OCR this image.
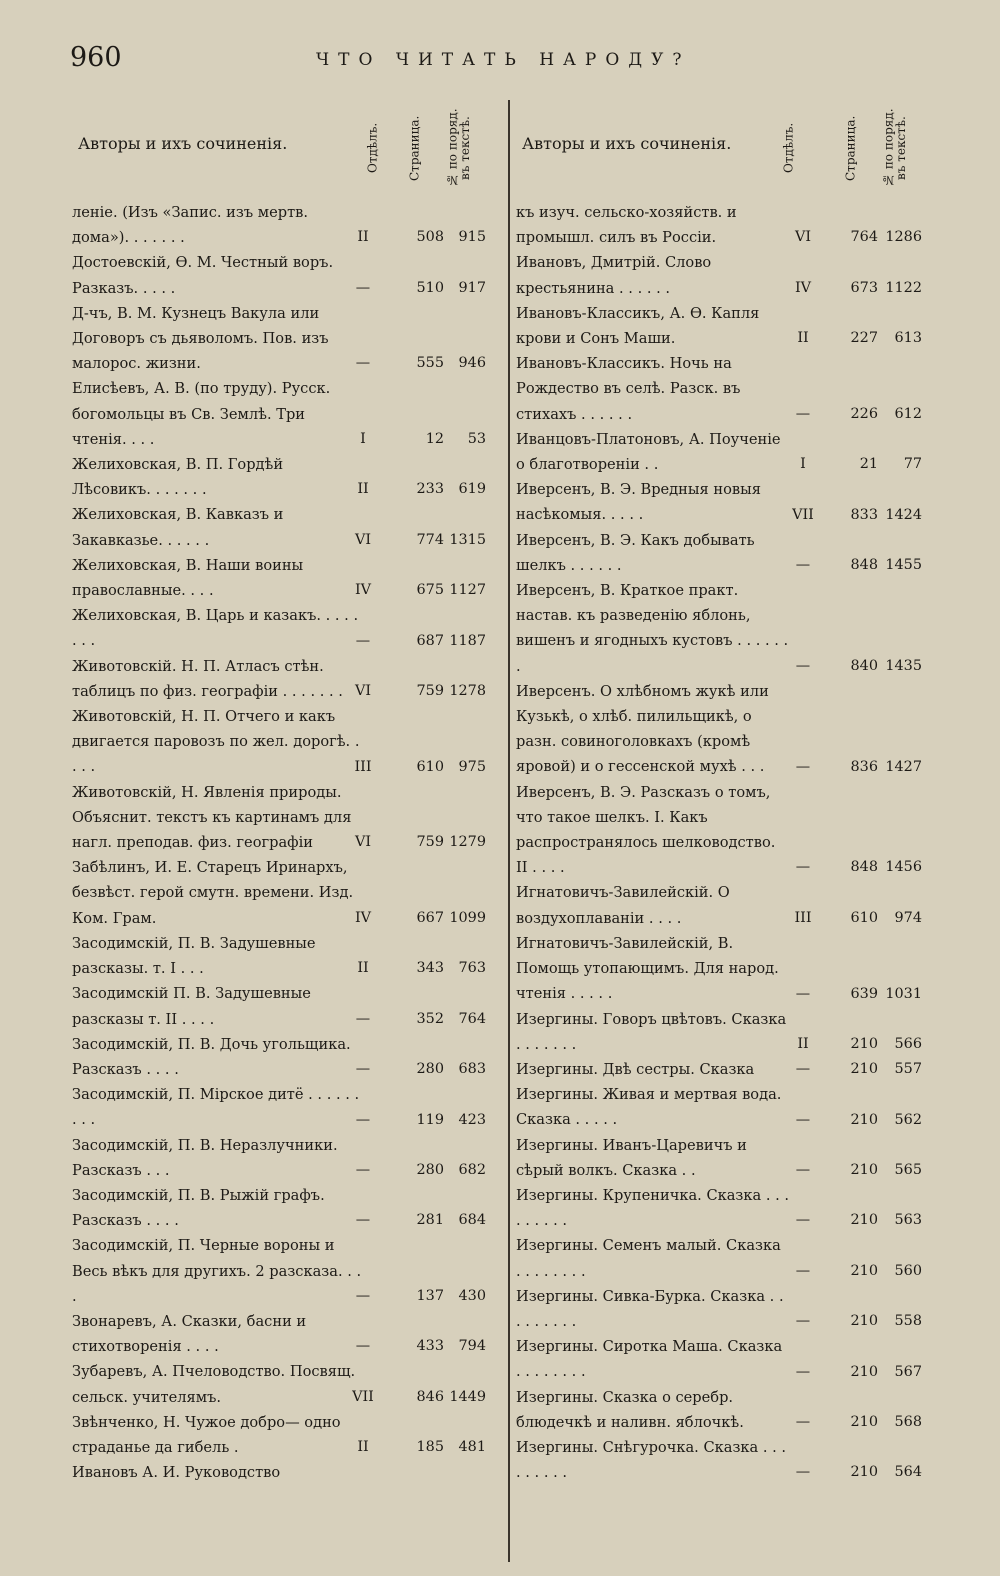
960	ЧТО ЧИТАТЬ НАРОДУ?
Авторы и ихъ сочиненія.	Отдѣлъ.	Страница.	№ по поряд. въ текстѣ.
леніе. (Изъ «Запис. изъ мертв. дома»). . . . . . .	II	508	915
Достоевскій, Ѳ. М. Честный воръ. Разказъ. . . . .	—	510	917
Д-чъ, В. М. Кузнецъ Вакула или Договоръ съ дьяволомъ. Пов. изъ малорос. жизни.	—	555	946
Елисѣевъ, А. В. (по труду). Русск. богомольцы въ Св. Землѣ. Три чтенія. . . .	I	12	53
Желиховская, В. П. Гордѣй Лѣсовикъ. . . . . . .	II	233	619
Желиховская, В. Кавказъ и Закавказье. . . . . .	VI	774 1315
Желиховская, В. Наши воины православные. . . .	IV	675 1127
Желиховская, В. Царь и казакъ. . . . . . . .	—	687 1187
Животовскій. Н. П. Атласъ стѣн. таблицъ по физ. географіи . . . . . . . VI	759 1278
Животовскій, Н. П. Отчего и какъ двигается паровозъ по жел. дорогѣ. . . . .	III	610	975
Животовскій, Н. Явленія природы. Объяснит. текстъ къ картинамъ для нагл. преподав. физ. географіи	VI	759 1279
Забѣлинъ, И. Е. Старецъ Иринархъ, безвѣст. герой смутн. времени. Изд. Ком. Грам.	IV	667 1099
Засодимскій, П. В. Задушевные разсказы. т. I . . .	II	343	763
Засодимскій П. В. Задушевные разсказы т. II . . . .	—	352	764
Засодимскій, П. В. Дочь угольщика. Разсказъ . . . .	—	280	683
Засодимскій, П. Мірское дитё . . . . . . . . .	—	119	423
Засодимскій, П. В. Неразлучники. Разсказъ . . .	—	280	682
Засодимскій, П. В. Рыжій графъ. Разсказъ . . . .	—	281	684
Засодимскій, П. Черные вороны и Весь вѣкъ для другихъ. 2 разсказа. . . .	—	137	430
Звонаревъ, А. Сказки, басни и стихотворенія . . . .	—	433	794
Зубаревъ, А. Пчеловодство. Посвящ. сельск. учителямъ.	VII	846 1449
Звѣнченко, Н. Чужое добро— одно страданье да гибель .	II	185	481
Ивановъ А. И. Руководство
Авторы и ихъ сочиненія.	Отдѣлъ.	Страница.	№ по поряд. въ текстѣ.
къ изуч. сельско-хозяйств. и промышл. силъ въ Россіи.	VI	764 1286
Ивановъ, Дмитрій. Слово крестьянина . . . . . .	IV	673 1122
Ивановъ-Классикъ, А. Ѳ. Капля крови и Сонъ Маши.	II	227	613
Ивановъ-Классикъ. Ночь на Рождество въ селѣ. Разск. въ стихахъ . . . . . .	—	226	612
Иванцовъ-Платоновъ, А. Поученіе о благотвореніи . .	I	21	77
Иверсенъ, В. Э. Вредныя новыя насѣкомыя. . . . .	VII	833 1424
Иверсенъ, В. Э. Какъ добывать шелкъ . . . . . .	—	848 1455
Иверсенъ, В. Краткое практ. настав. къ разведенію яблонь, вишенъ и ягодныхъ кустовъ . . . . . . .	—	840 1435
Иверсенъ. О хлѣбномъ жукѣ или Кузькѣ, о хлѣб. пилильщикѣ, о разн. совиноголовкахъ (кромѣ яровой) и о гессенской мухѣ . . .	—	836 1427
Иверсенъ, В. Э. Разсказъ о томъ, что такое шелкъ. I. Какъ распространялось шелководство. II . . . .	—	848 1456
Игнатовичъ-Завилейскій. О воздухоплаваніи . . . .	III	610	974
Игнатовичъ-Завилейскій, В. Помощь утопающимъ. Для народ. чтенія . . . . .	—	639 1031
Изергины. Говоръ цвѣтовъ. Сказка . . . . . . .	II	210	566
Изергины. Двѣ сестры. Сказка	—	210	557
Изергины. Живая и мертвая вода. Сказка . . . . .	—	210	562
Изергины. Иванъ-Царевичъ и сѣрый волкъ. Сказка . .	—	210	565
Изергины. Крупеничка. Сказка . . . . . . . . .	—	210	563
Изергины. Семенъ малый. Сказка . . . . . . . .	—	210	560
Изергины. Сивка-Бурка. Сказка . . . . . . . . .	—	210	558
Изергины. Сиротка Маша. Сказка . . . . . . . .	—	210	567
Изергины. Сказка о серебр. блюдечкѣ и наливн. яблочкѣ.	—	210	568
Изергины. Снѣгурочка. Сказка . . . . . . . . .	—	210	564
